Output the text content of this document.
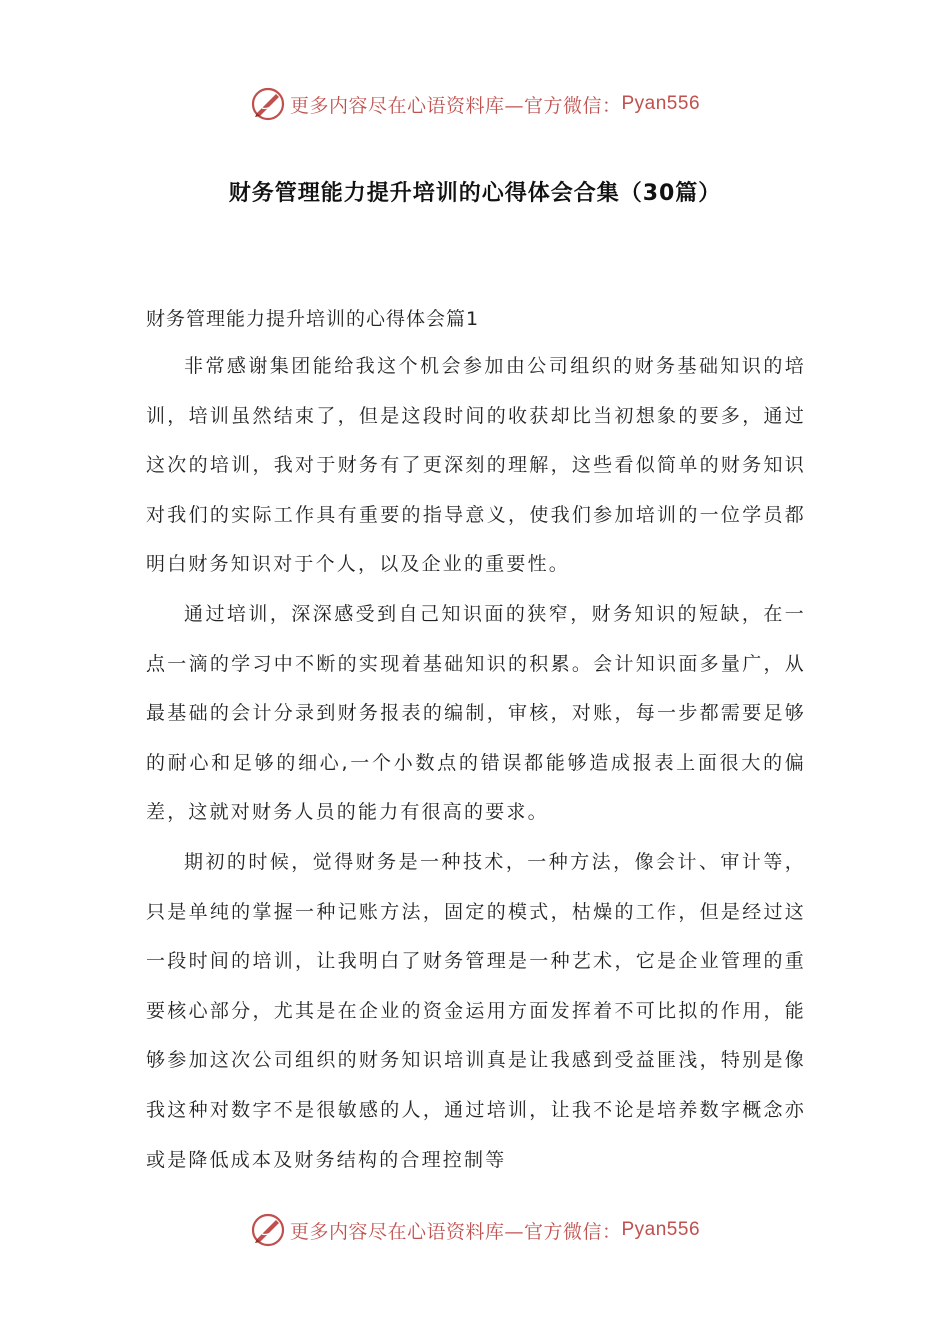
更多内容尽在心语资料库—官方微信： Pyan556
财务管理能力提升培训的心得体会合集（30篇）
财务管理能力提升培训的心得体会篇1

非常感谢集团能给我这个机会参加由公司组织的财务基础知识的培训，培训虽然结束了，但是这段时间的收获却比当初想象的要多，通过这次的培训，我对于财务有了更深刻的理解，这些看似简单的财务知识对我们的实际工作具有重要的指导意义，使我们参加培训的一位学员都明白财务知识对于个人，以及企业的重要性。

通过培训，深深感受到自己知识面的狭窄，财务知识的短缺，在一点一滴的学习中不断的实现着基础知识的积累。会计知识面多量广，从最基础的会计分录到财务报表的编制，审核，对账，每一步都需要足够的耐心和足够的细心,一个小数点的错误都能够造成报表上面很大的偏差，这就对财务人员的能力有很高的要求。

期初的时候，觉得财务是一种技术，一种方法，像会计、审计等，只是单纯的掌握一种记账方法，固定的模式，枯燥的工作，但是经过这一段时间的培训，让我明白了财务管理是一种艺术，它是企业管理的重要核心部分，尤其是在企业的资金运用方面发挥着不可比拟的作用，能够参加这次公司组织的财务知识培训真是让我感到受益匪浅，特别是像我这种对数字不是很敏感的人，通过培训，让我不论是培养数字概念亦或是降低成本及财务结构的合理控制等

更多内容尽在心语资料库—官方微信： Pyan556
